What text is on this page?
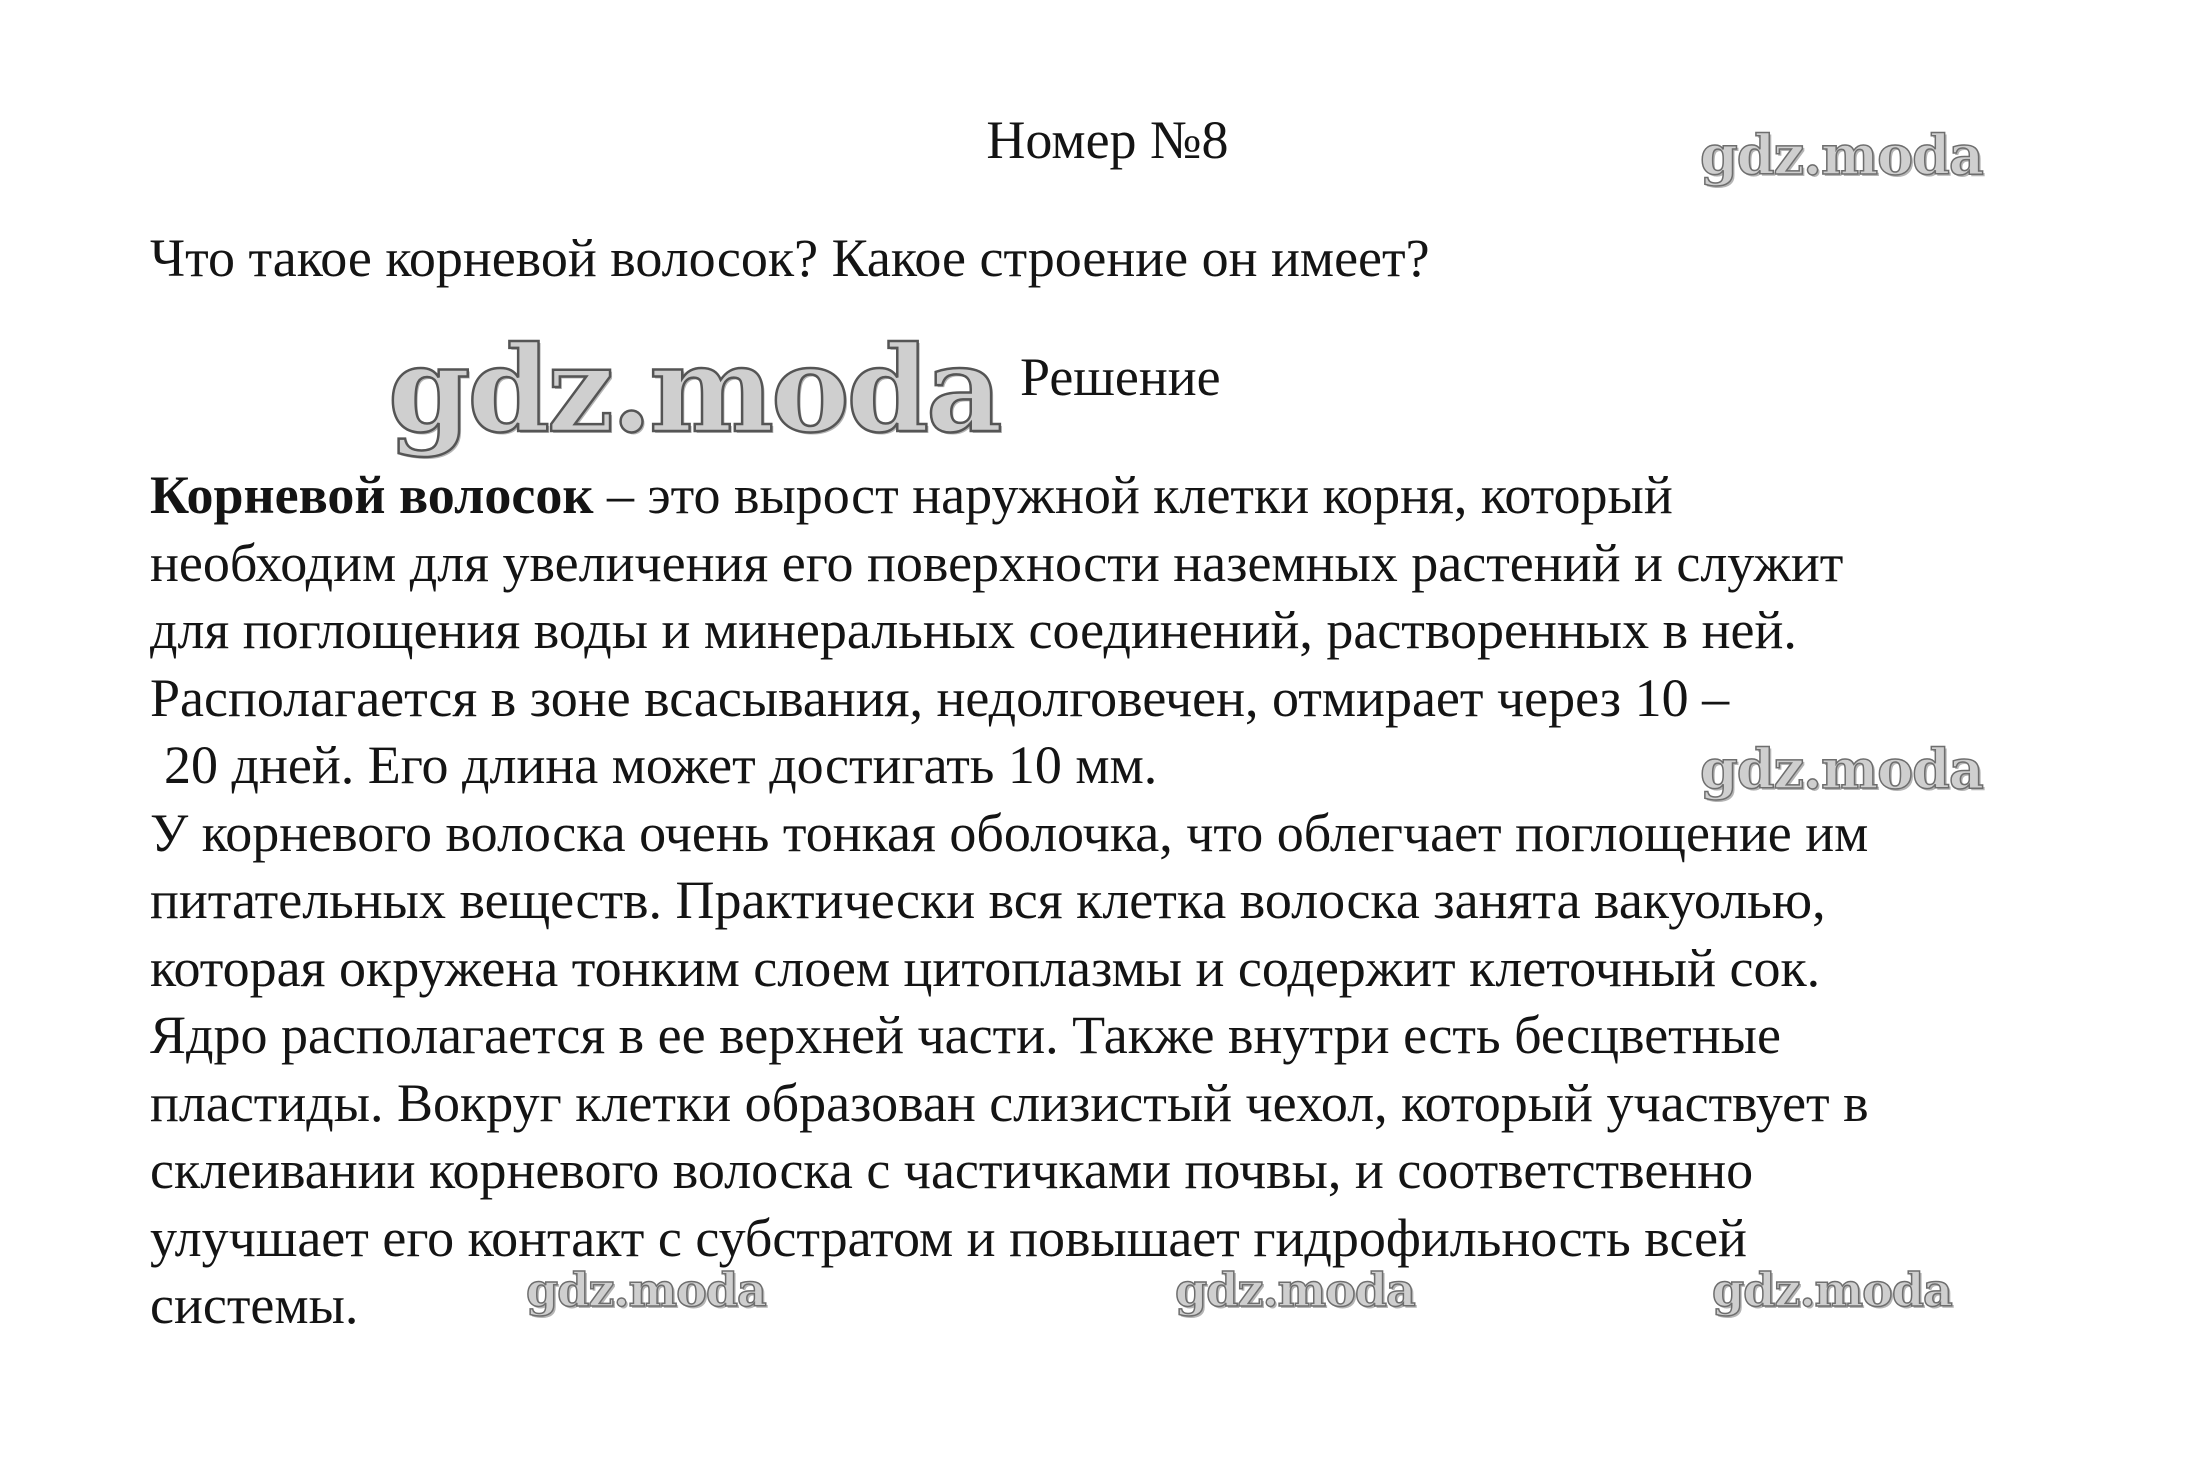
gdz.moda
gdz.moda
gdz.moda
gdz.moda	gdz.moda	gdz.moda
Номер №8
Что такое корневой волосок? Какое строение он имеет?
Решение
Корневой волосок – это вырост наружной клетки корня, который
необходим для увеличения его поверхности наземных растений и служит
для поглощения воды и минеральных соединений, растворенных в ней.
Располагается в зоне всасывания, недолговечен, отмирает через 10 –
20 дней. Его длина может достигать 10 мм.
У корневого волоска очень тонкая оболочка, что облегчает поглощение им
питательных веществ. Практически вся клетка волоска занята вакуолью,
которая окружена тонким слоем цитоплазмы и содержит клеточный сок.
Ядро располагается в ее верхней части. Также внутри есть бесцветные
пластиды. Вокруг клетки образован слизистый чехол, который участвует в
склеивании корневого волоска с частичками почвы, и соответственно
улучшает его контакт с субстратом и повышает гидрофильность всей
системы.
